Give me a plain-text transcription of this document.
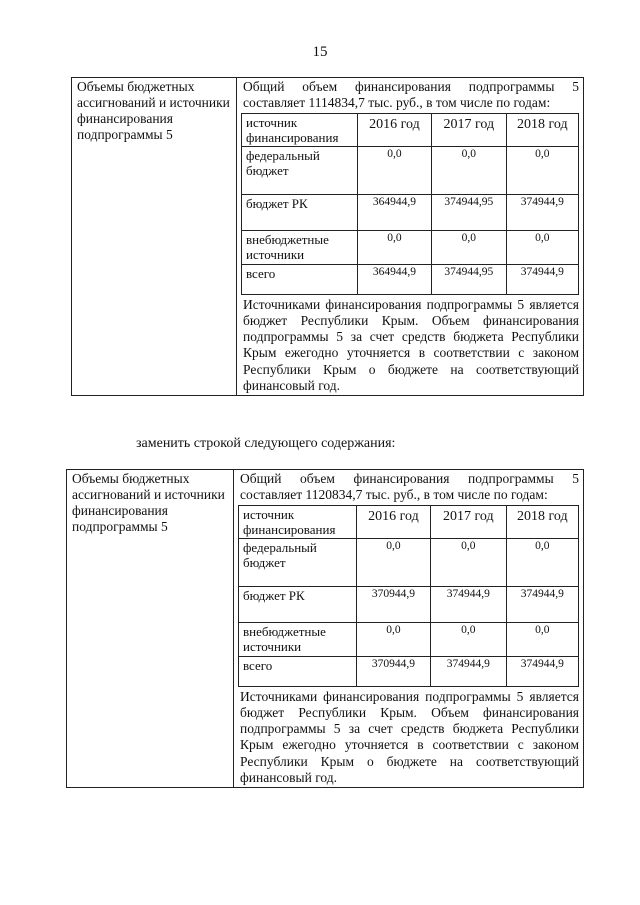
15
Объемы бюджетных ассигнований и источники финансирования подпрограммы 5	

Общий объем финансирования подпрограммы 5 составляет 1114834,7 тыс. руб., в том числе по годам:

источник финансирования	2016 год	2017 год	2018 год
федеральный бюджет	0,0	0,0	0,0
бюджет РК	364944,9	374944,95	374944,9
внебюджетные источники	0,0	0,0	0,0
всего	364944,9	374944,95	374944,9

Источниками финансирования подпрограммы 5 является бюджет Республики Крым. Объем финансирования подпрограммы 5 за счет средств бюджета Республики Крым ежегодно уточняется в соответствии с законом Республики Крым о бюджете на соответствующий финансовый год.

заменить строкой следующего содержания:
Объемы бюджетных ассигнований и источники финансирования подпрограммы 5	

Общий объем финансирования подпрограммы 5 составляет 1120834,7 тыс. руб., в том числе по годам:

источник финансирования	2016 год	2017 год	2018 год
федеральный бюджет	0,0	0,0	0,0
бюджет РК	370944,9	374944,9	374944,9
внебюджетные источники	0,0	0,0	0,0
всего	370944,9	374944,9	374944,9

Источниками финансирования подпрограммы 5 является бюджет Республики Крым. Объем финансирования подпрограммы 5 за счет средств бюджета Республики Крым ежегодно уточняется в соответствии с законом Республики Крым о бюджете на соответствующий финансовый год.
